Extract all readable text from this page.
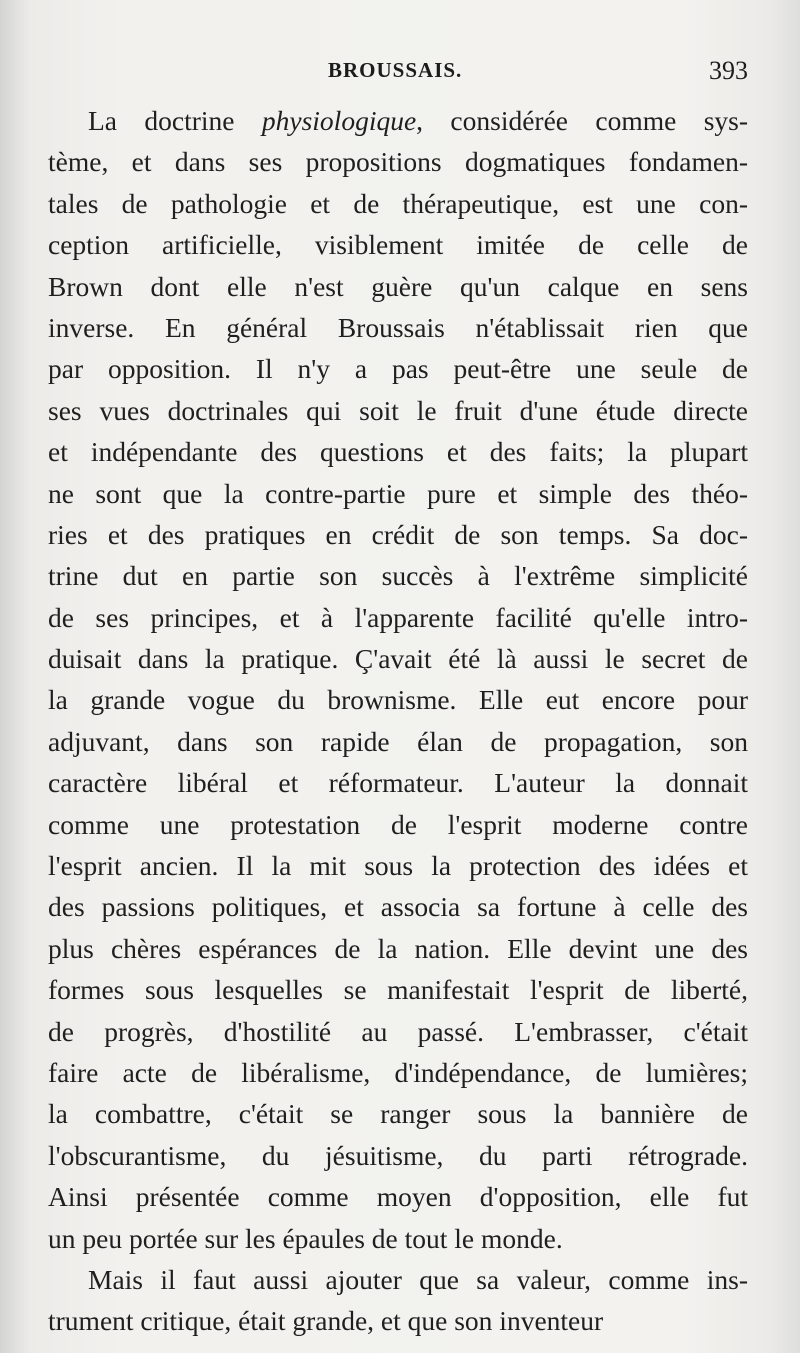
BROUSSAIS.	393
La doctrine physiologique, considérée comme sys-
tème, et dans ses propositions dogmatiques fondamen-
tales de pathologie et de thérapeutique, est une con-
ception artificielle, visiblement imitée de celle de
Brown dont elle n'est guère qu'un calque en sens
inverse. En général Broussais n'établissait rien que
par opposition. Il n'y a pas peut-être une seule de
ses vues doctrinales qui soit le fruit d'une étude directe
et indépendante des questions et des faits; la plupart
ne sont que la contre-partie pure et simple des théo-
ries et des pratiques en crédit de son temps. Sa doc-
trine dut en partie son succès à l'extrême simplicité
de ses principes, et à l'apparente facilité qu'elle intro-
duisait dans la pratique. Ç'avait été là aussi le secret de
la grande vogue du brownisme. Elle eut encore pour
adjuvant, dans son rapide élan de propagation, son
caractère libéral et réformateur. L'auteur la donnait
comme une protestation de l'esprit moderne contre
l'esprit ancien. Il la mit sous la protection des idées et
des passions politiques, et associa sa fortune à celle des
plus chères espérances de la nation. Elle devint une des
formes sous lesquelles se manifestait l'esprit de liberté,
de progrès, d'hostilité au passé. L'embrasser, c'était
faire acte de libéralisme, d'indépendance, de lumières;
la combattre, c'était se ranger sous la bannière de
l'obscurantisme, du jésuitisme, du parti rétrograde.
Ainsi présentée comme moyen d'opposition, elle fut
un peu portée sur les épaules de tout le monde.
Mais il faut aussi ajouter que sa valeur, comme ins-
trument critique, était grande, et que son inventeur
